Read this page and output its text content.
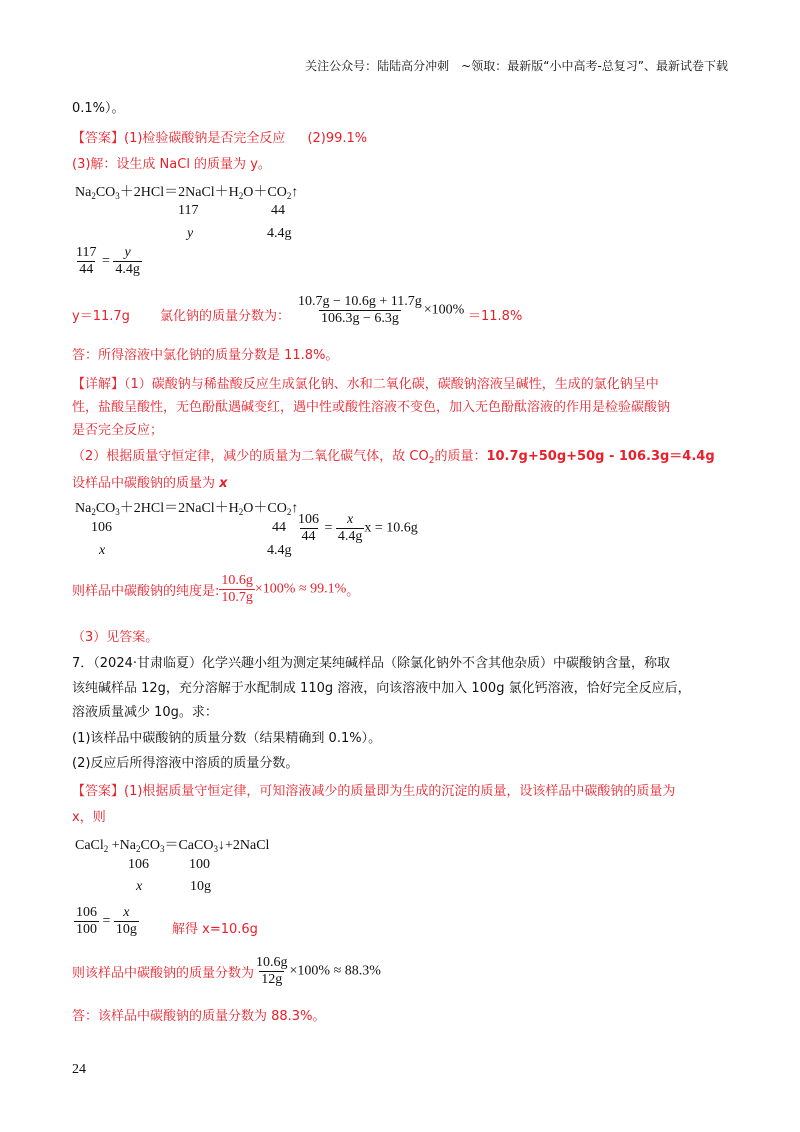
关注公众号：陆陆高分冲刺　~领取：最新版“小中高考-总复习”、最新试卷下载
0.1%）。
【答案】(1)检验碳酸钠是否完全反应 (2)99.1%
(3)解：设生成 NaCl 的质量为 y。
$Na_2CO_3+2HCl=2NaCl+H_2O+CO_2↑$
117	44
y	4.4g
$\frac{117}{44} = \frac{y}{4.4g}$
y＝11.7g 氯化钠的质量分数为： $\frac{10.7g - 10.6g + 11.7g}{106.3g - 6.3g} \times 100\% =11.8\%$
答：所得溶液中氯化钠的质量分数是 11.8%。
【详解】（1）碳酸钠与稀盐酸反应生成氯化钠、水和二氧化碳，碳酸钠溶液呈碱性，生成的氯化钠呈中
性，盐酸呈酸性，无色酚酞遇碱变红，遇中性或酸性溶液不变色，加入无色酚酞溶液的作用是检验碳酸钠
是否完全反应；
（2）根据质量守恒定律，减少的质量为二氧化碳气体，故 $CO_2$的质量：10.7g+50g+50g - 106.3g＝4.4g
设样品中碳酸钠的质量为 x
$Na_2CO_3+2HCl=2NaCl+H_2O+CO_2↑$
106
x
44
4.4g
$\frac{106}{44} = \frac{x}{4.4g}$ x = 10.6g
则样品中碳酸钠的纯度是: $\frac{10.6g}{10.7g} \times 100\% \approx 99.1\%$。
（3）见答案。
7．（2024·甘肃临夏）化学兴趣小组为测定某纯碱样品（除氯化钠外不含其他杂质）中碳酸钠含量，称取
该纯碱样品 12g，充分溶解于水配制成 110g 溶液，向该溶液中加入 100g 氯化钙溶液，恰好完全反应后，
溶液质量减少 10g。求：
(1)该样品中碳酸钠的质量分数（结果精确到 0.1%）。
(2)反应后所得溶液中溶质的质量分数。
【答案】(1)根据质量守恒定律，可知溶液减少的质量即为生成的沉淀的质量，设该样品中碳酸钠的质量为
x，则
CaCl$_2$ $+Na_2CO_3=CaCO_3↓+2NaCl$
106	100
x	10g
$\frac{106}{100} = \frac{x}{10g}$	解得 x=10.6g
则该样品中碳酸钠的质量分数为 $\frac{10.6g}{12g} \times 100\% \approx 88.3\%$
答：该样品中碳酸钠的质量分数为 88.3%。
24
